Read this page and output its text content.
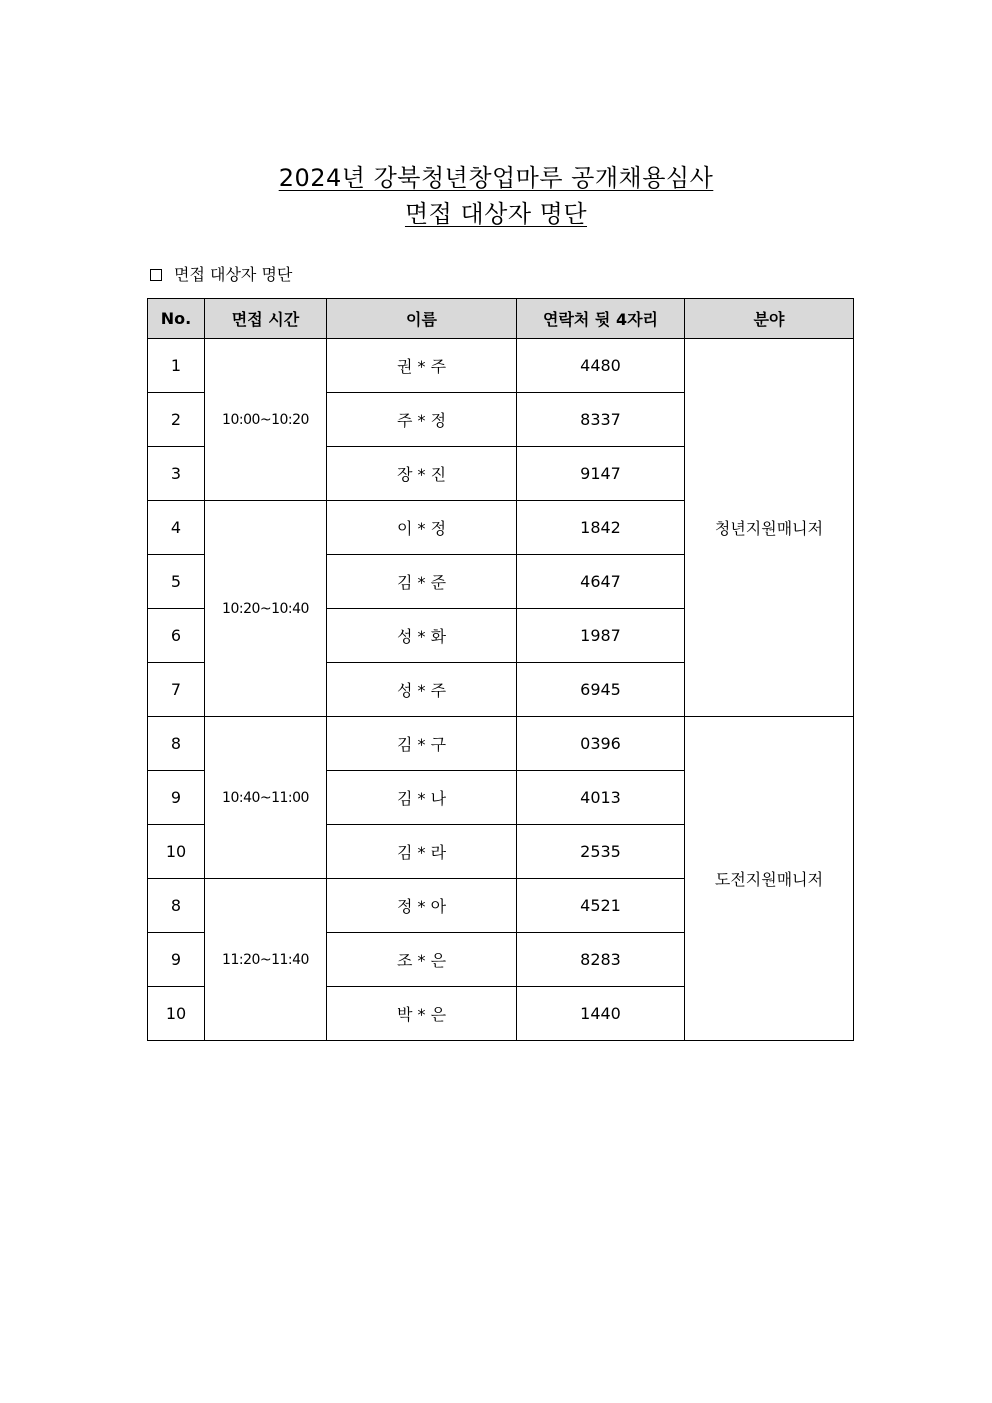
2024년 강북청년창업마루 공개채용심사
면접 대상자 명단
면접 대상자 명단
No.	면접 시간	이름	연락처 뒷 4자리	분야
1	10:00~10:20	권 * 주	4480	청년지원매니저
2		주 * 정	8337	
3		장 * 진	9147	
4	10:20~10:40	이 * 정	1842	
5		김 * 준	4647	
6		성 * 화	1987	
7		성 * 주	6945	
8	10:40~11:00	김 * 구	0396	도전지원매니저
9		김 * 나	4013	
10		김 * 라	2535	
8	11:20~11:40	정 * 아	4521	
9		조 * 은	8283	
10		박 * 은	1440	
